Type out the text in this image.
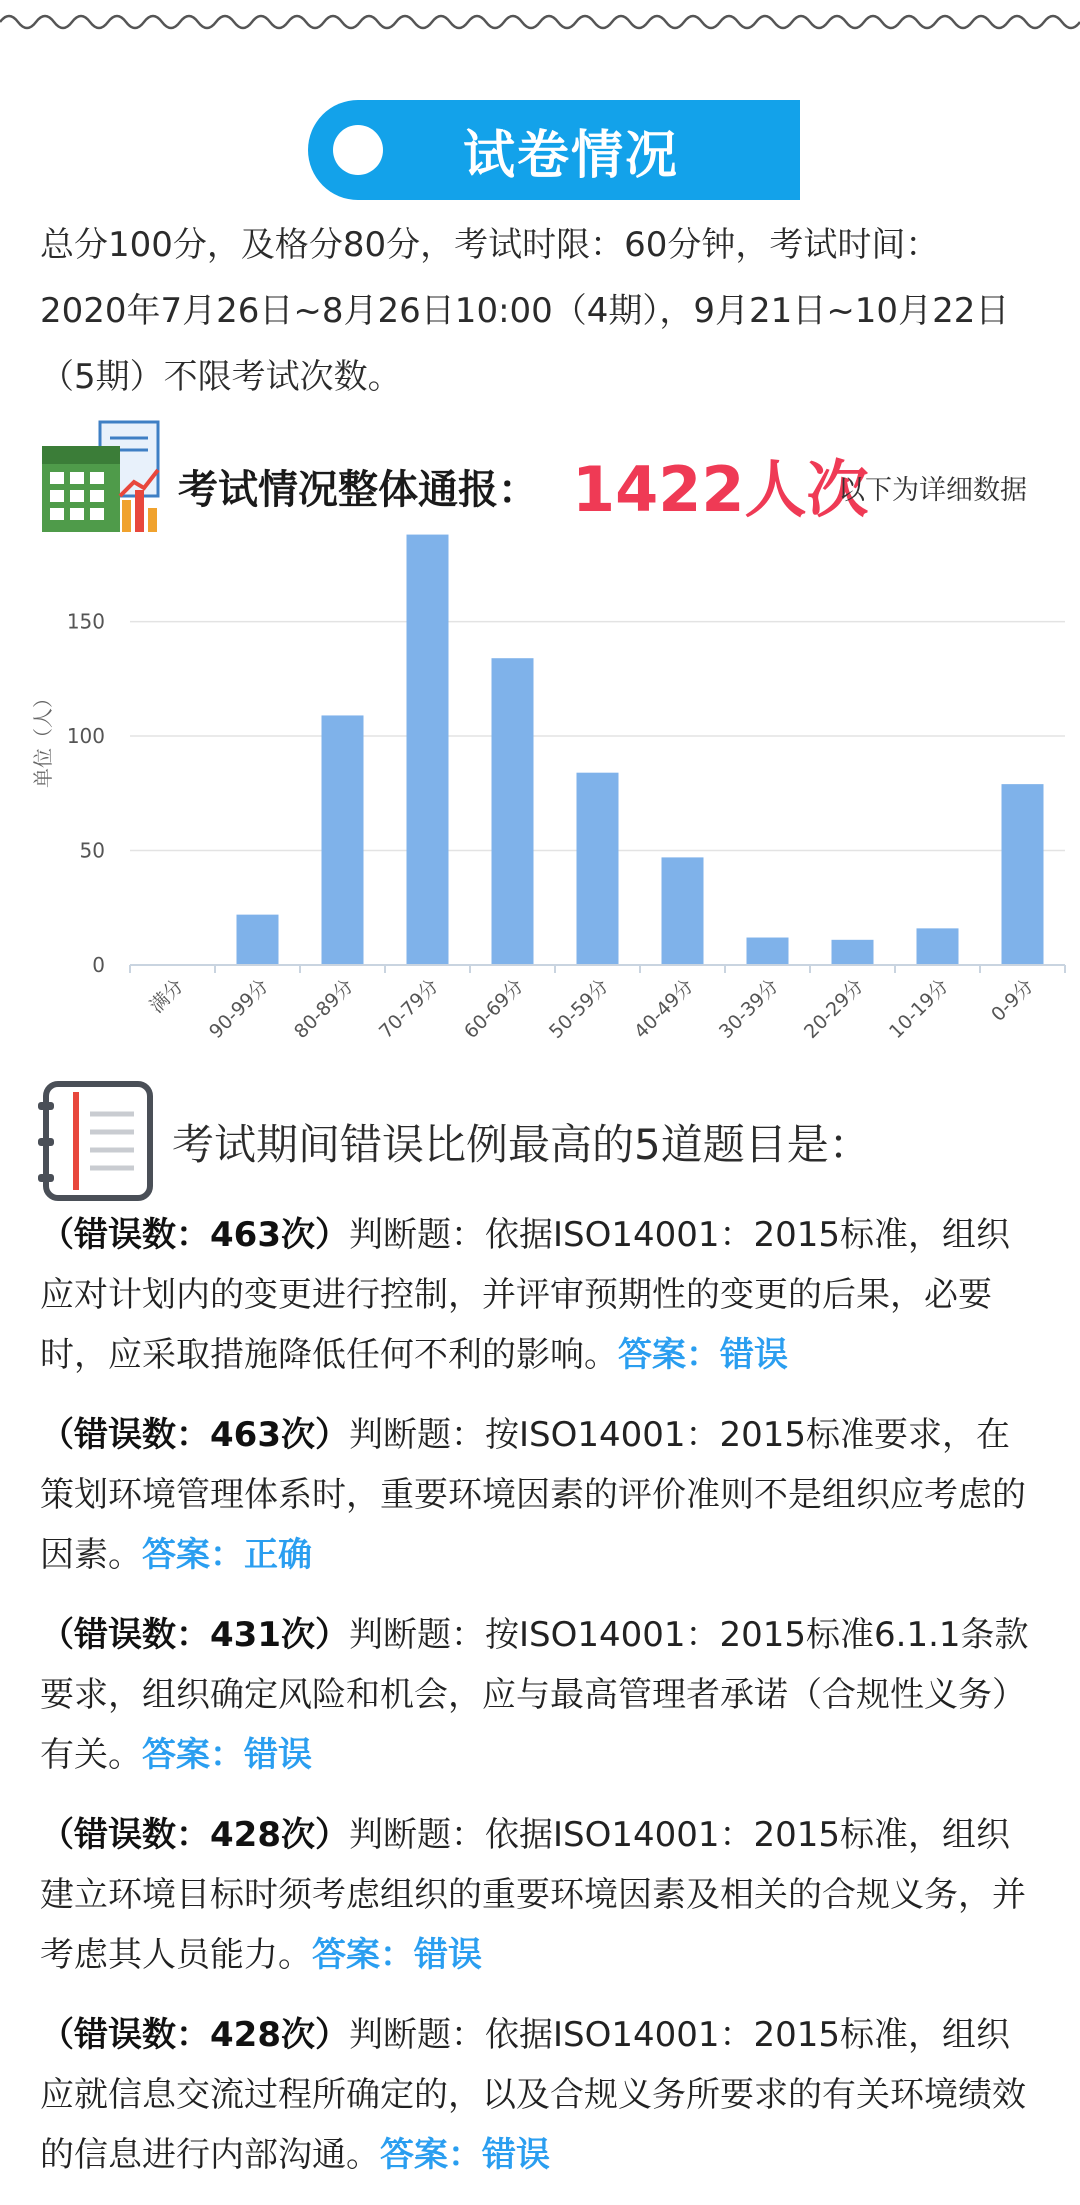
试卷情况
总分100分，及格分80分，考试时限：60分钟，考试时间：
2020年7月26日~8月26日10:00（4期），9月21日~10月22日
（5期）不限考试次数。
考试情况整体通报： 1422人次
以下为详细数据
0
50
100
150
满分 90-99分 80-89分 70-79分 60-69分 50-59分 40-49分 30-39分 20-29分 10-19分 0-9分
单位（人）
考试期间错误比例最高的5道题目是：
（错误数：463次）判断题：依据ISO14001：2015标准，组织应对计划内的变更进行控制，并评审预期性的变更的后果，必要时，应采取措施降低任何不利的影响。答案：错误
（错误数：463次）判断题：按ISO14001：2015标准要求，在策划环境管理体系时，重要环境因素的评价准则不是组织应考虑的因素。答案：正确
（错误数：431次）判断题：按ISO14001：2015标准6.1.1条款要求，组织确定风险和机会，应与最高管理者承诺（合规性义务）有关。答案：错误
（错误数：428次）判断题：依据ISO14001：2015标准，组织建立环境目标时须考虑组织的重要环境因素及相关的合规义务，并考虑其人员能力。答案：错误
（错误数：428次）判断题：依据ISO14001：2015标准，组织应就信息交流过程所确定的，以及合规义务所要求的有关环境绩效的信息进行内部沟通。答案：错误
